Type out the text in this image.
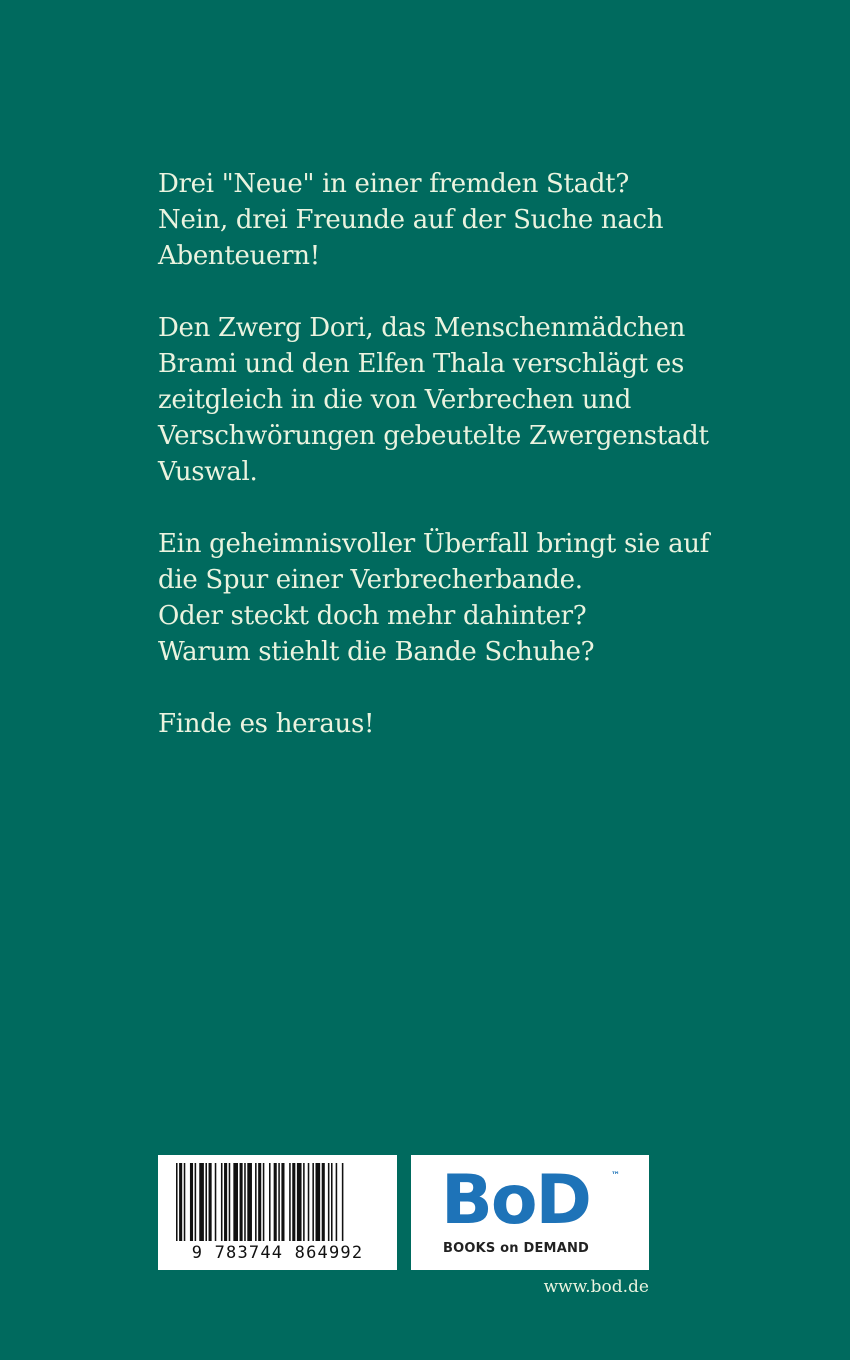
Drei "Neue" in einer fremden Stadt?
Nein, drei Freunde auf der Suche nach
Abenteuern!

Den Zwerg Dori, das Menschenmädchen
Brami und den Elfen Thala verschlägt es
zeitgleich in die von Verbrechen und
Verschwörungen gebeutelte Zwergenstadt
Vuswal.

Ein geheimnisvoller Überfall bringt sie auf
die Spur einer Verbrecherbande.
Oder steckt doch mehr dahinter?
Warum stiehlt die Bande Schuhe?

Finde es heraus!

9 783744 864992
BoD ™
BOOKS on DEMAND
www.bod.de
